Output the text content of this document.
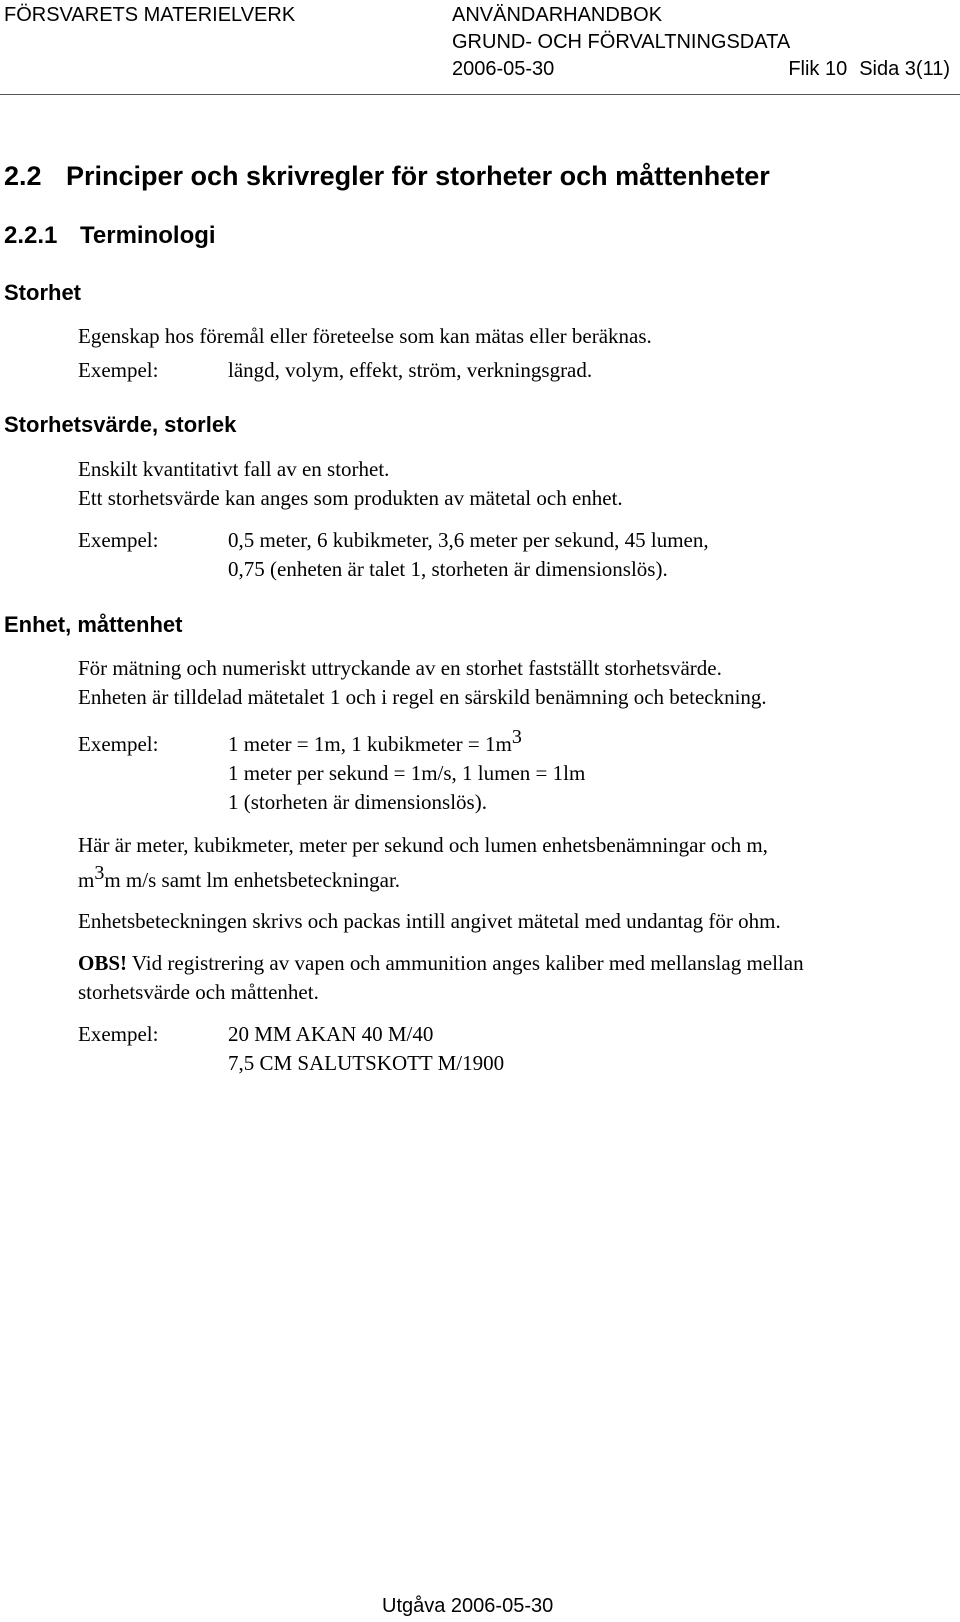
FÖRSVARETS MATERIELVERK	ANVÄNDARHANDBOK
GRUND- OCH FÖRVALTNINGSDATA
2006-05-30	Flik 10 Sida 3(11)
2.2 Principer och skrivregler för storheter och måttenheter
2.2.1 Terminologi
Storhet
Egenskap hos föremål eller företeelse som kan mätas eller beräknas.
Exempel:	längd, volym, effekt, ström, verkningsgrad.
Storhetsvärde, storlek
Enskilt kvantitativt fall av en storhet.
Ett storhetsvärde kan anges som produkten av mätetal och enhet.
Exempel:	0,5 meter, 6 kubikmeter, 3,6 meter per sekund, 45 lumen,
0,75 (enheten är talet 1, storheten är dimensionslös).
Enhet, måttenhet
För mätning och numeriskt uttryckande av en storhet fastställt storhetsvärde.
Enheten är tilldelad mätetalet 1 och i regel en särskild benämning och beteckning.
Exempel:	1 meter = 1m, 1 kubikmeter = $1m^3$
1 meter per sekund = 1m/s, 1 lumen = 1lm
1 (storheten är dimensionslös).
Här är meter, kubikmeter, meter per sekund och lumen enhetsbenämningar och m,
$m^3m$ m/s samt lm enhetsbeteckningar.
Enhetsbeteckningen skrivs och packas intill angivet mätetal med undantag för ohm.
OBS! Vid registrering av vapen och ammunition anges kaliber med mellanslag mellan
storhetsvärde och måttenhet.
Exempel:	20 MM AKAN 40 M/40
7,5 CM SALUTSKOTT M/1900
Utgåva 2006-05-30
